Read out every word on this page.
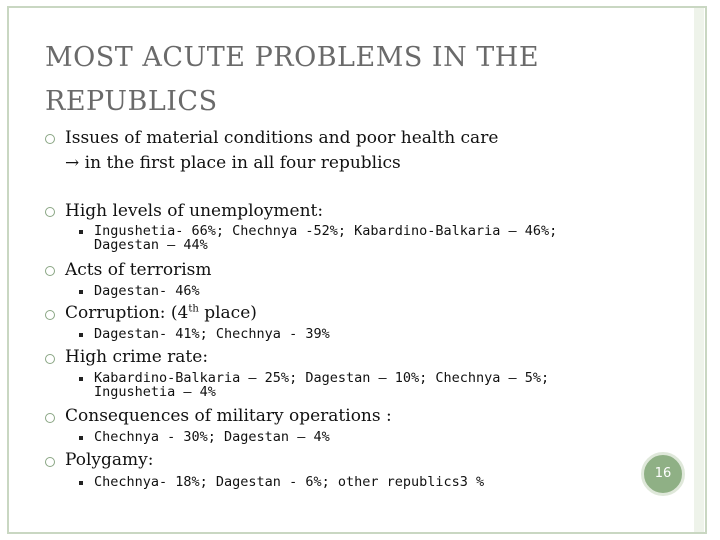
MOST ACUTE PROBLEMS IN THE
REPUBLICS
Issues of material conditions and poor health care
→ in the first place in all four republics
High levels of unemployment:
Ingushetia- 66%; Chechnya -52%; Kabardino-Balkaria – 46%;
Dagestan – 44%
Acts of terrorism
Dagestan- 46%
Corruption: (4th place)
Dagestan- 41%; Chechnya - 39%
High crime rate:
Kabardino-Balkaria – 25%; Dagestan – 10%; Chechnya – 5%;
Ingushetia – 4%
Consequences of military operations :
Chechnya - 30%; Dagestan – 4%
Polygamy:
Chechnya- 18%; Dagestan - 6%; other republics3 %
16
